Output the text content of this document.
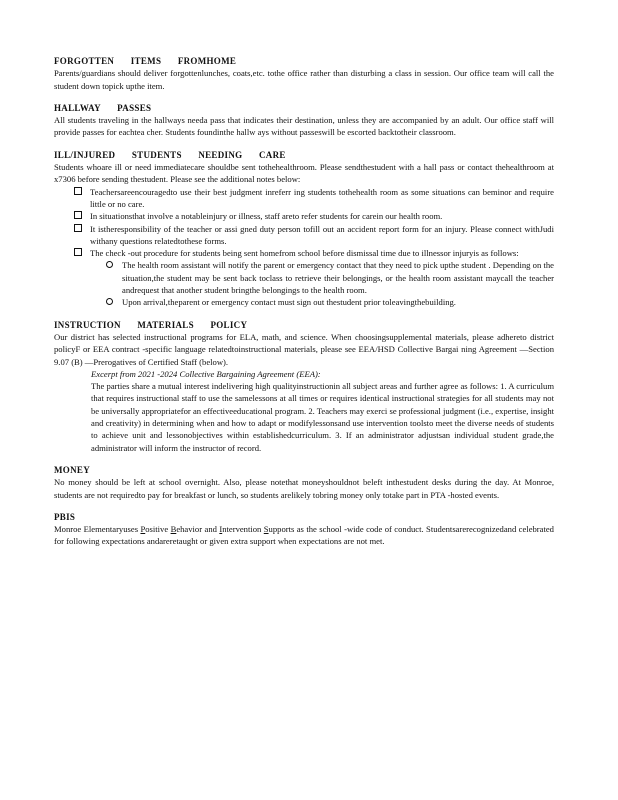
FORGOTTEN ITEMS FROMHOME
Parents/guardians should deliver forgottenlunches, coats,etc. tothe office rather than disturbing a class in session. Our office team will call the student down topick upthe item.
HALLWAY PASSES
All students traveling in the hallways needa pass that indicates their destination, unless they are accompanied by an adult. Our office staff will provide passes for eachtea cher. Students foundinthe hallw ays without passeswill be escorted backtotheir classroom.
ILL/INJURED STUDENTS NEEDING CARE
Students whoare ill or need immediatecare shouldbe sent tothehealthroom. Please sendthestudent with a hall pass or contact thehealthroom at x7306 before sending thestudent. Please see the additional notes below:
Teachersareencouragedto use their best judgment inreferr ing students tothehealth room as some situations can beminor and require little or no care.
In situationsthat involve a notableinjury or illness, staff areto refer students for carein our health room.
It istheresponsibility of the teacher or assi gned duty person tofill out an accident report form for an injury. Please connect withJudi withany questions relatedtothese forms.
The check -out procedure for students being sent homefrom school before dismissal time due to illnessor injuryis as follows:
The health room assistant will notify the parent or emergency contact that they need to pick upthe student . Depending on the situation,the student may be sent back toclass to retrieve their belongings, or the health room assistant maycall the teacher andrequest that another student bringthe belongings to the health room.
Upon arrival,theparent or emergency contact must sign out thestudent prior toleavingthebuilding.
INSTRUCTION MATERIALS POLICY
Our district has selected instructional programs for ELA, math, and science. When choosingsupplemental materials, please adhereto district policyF or EEA contract -specific language relatedtoinstructional materials, please see EEA/HSD Collective Bargai ning Agreement —Section 9.07 (B) —Prerogatives of Certified Staff (below).
Excerpt from 2021 -2024 Collective Bargaining Agreement (EEA):
The parties share a mutual interest indelivering high qualityinstructionin all subject areas and further agree as follows: 1. A curriculum that requires instructional staff to use the samelessons at all times or requires identical instructional strategies for all students may not be universally appropriatefor an effectiveeducational program. 2. Teachers may exerci se professional judgment (i.e., expertise, insight and creativity) in determining when and how to adapt or modifylessonsand use intervention toolsto meet the diverse needs of students to achieve unit and lessonobjectives within establishedcurriculum. 3. If an administrator adjustsan individual student grade,the administrator will inform the instructor of record.
MONEY
No money should be left at school overnight. Also, please notethat moneyshouldnot beleft inthestudent desks during the day. At Monroe, students are not requiredto pay for breakfast or lunch, so students arelikely tobring money only totake part in PTA -hosted events.
PBIS
Monroe Elementaryuses Positive Behavior and Intervention Supports as the school -wide code of conduct. Studentsarerecognizedand celebrated for following expectations andareretaught or given extra support when expectations are not met.
